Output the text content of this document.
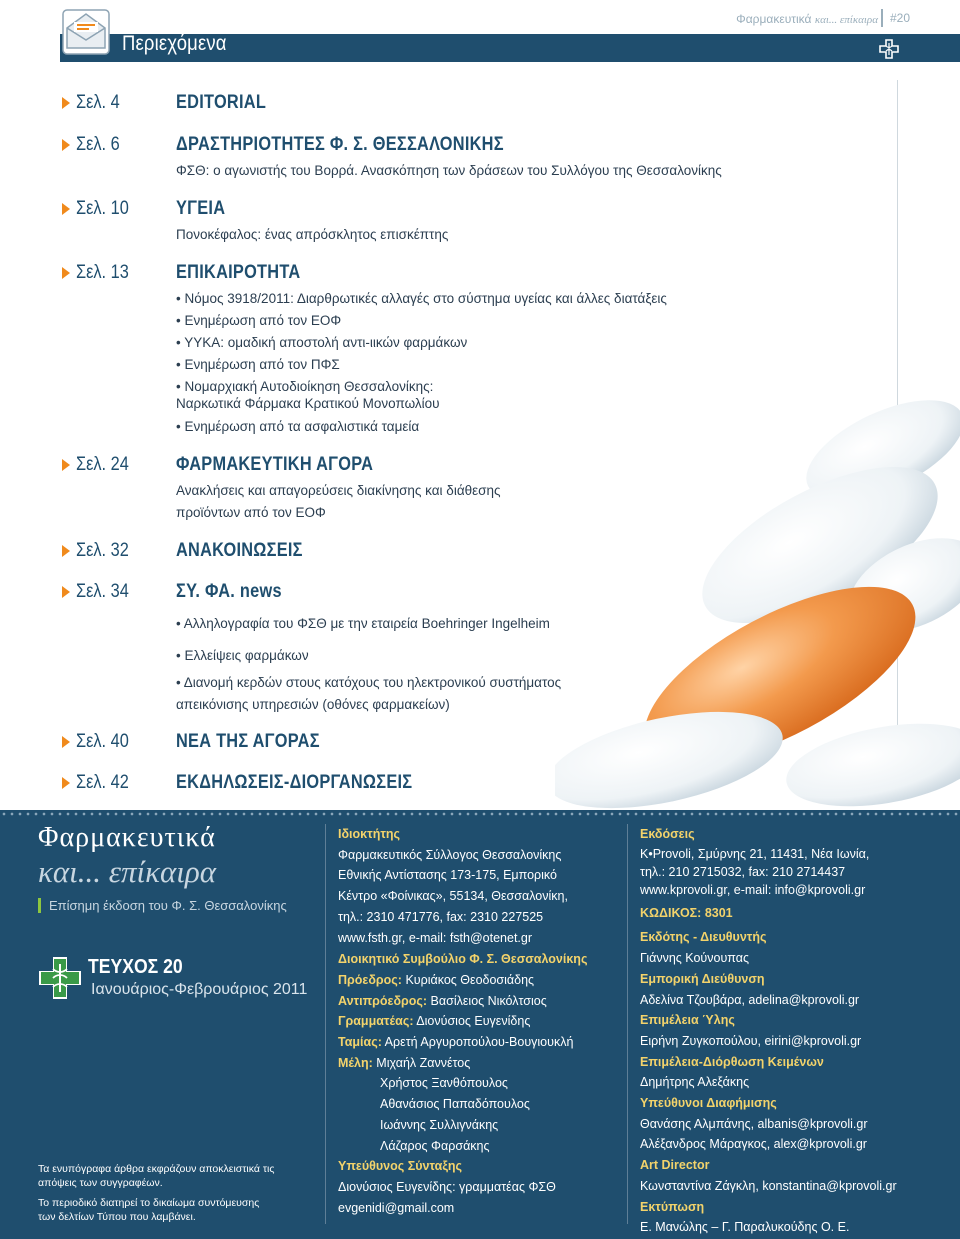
Περιεχόμενα
Φαρμακευτικά και... επίκαιρα #20
Σελ. 4	EDITORIAL
Σελ. 6	ΔΡΑΣΤΗΡΙΟΤΗΤΕΣ Φ. Σ. ΘΕΣΣΑΛΟΝΙΚΗΣ
ΦΣΘ: ο αγωνιστής του Βορρά. Ανασκόπηση των δράσεων του Συλλόγου της Θεσσαλονίκης
Σελ. 10 ΥΓΕΙΑ
Πονοκέφαλος: ένας απρόσκλητος επισκέπτης
Σελ. 13 ΕΠΙΚΑΙΡΟΤΗΤΑ
• Νόμος 3918/2011: Διαρθρωτικές αλλαγές στο σύστημα υγείας και άλλες διατάξεις
• Ενημέρωση από τον ΕΟΦ
• ΥΥΚΑ: ομαδική αποστολή αντι-ιικών φαρμάκων
• Ενημέρωση από τον ΠΦΣ
• Νομαρχιακή Αυτοδιοίκηση Θεσσαλονίκης:
Ναρκωτικά Φάρμακα Κρατικού Μονοπωλίου
• Ενημέρωση από τα ασφαλιστικά ταμεία
Σελ. 24 ΦΑΡΜΑΚΕΥΤΙΚΗ ΑΓΟΡΑ
Ανακλήσεις και απαγορεύσεις διακίνησης και διάθεσης
προϊόντων από τον ΕΟΦ
Σελ. 32 ΑΝΑΚΟΙΝΩΣΕΙΣ
Σελ. 34 ΣΥ. ΦΑ. news
• Αλληλογραφία του ΦΣΘ με την εταιρεία Boehringer Ingelheim
• Ελλείψεις φαρμάκων
• Διανομή κερδών στους κατόχους του ηλεκτρονικού συστήματος
απεικόνισης υπηρεσιών (οθόνες φαρμακείων)
Σελ. 40 ΝΕΑ ΤΗΣ ΑΓΟΡΑΣ
Σελ. 42 ΕΚΔΗΛΩΣΕΙΣ-ΔΙΟΡΓΑΝΩΣΕΙΣ
Φαρμακευτικά
και... επίκαιρα
Επίσημη έκδοση του Φ. Σ. Θεσσαλονίκης
ΤΕΥΧΟΣ 20
Ιανουάριος-Φεβρουάριος 2011
Τα ενυπόγραφα άρθρα εκφράζουν αποκλειστικά τις απόψεις των συγγραφέων.
Το περιοδικό διατηρεί το δικαίωμα συντόμευσης των δελτίων Τύπου που λαμβάνει.
Ιδιοκτήτης
Φαρμακευτικός Σύλλογος Θεσσαλονίκης
Εθνικής Αντίστασης 173-175, Εμπορικό
Κέντρο «Φοίνικας», 55134, Θεσσαλονίκη,
τηλ.: 2310 471776, fax: 2310 227525
www.fsth.gr, e-mail: fsth@otenet.gr
Διοικητικό Συμβούλιο Φ. Σ. Θεσσαλονίκης
Πρόεδρος: Κυριάκος Θεοδοσιάδης
Αντιπρόεδρος: Βασίλειος Νικόλτσιος
Γραμματέας: Διονύσιος Ευγενίδης
Ταμίας: Αρετή Αργυροπούλου-Βουγιουκλή
Μέλη: Μιχαήλ Ζαννέτος
Χρήστος Ξανθόπουλος
Αθανάσιος Παπαδόπουλος
Ιωάννης Συλλιγνάκης
Λάζαρος Φαρσάκης
Υπεύθυνος Σύνταξης
Διονύσιος Ευγενίδης: γραμματέας ΦΣΘ
evgenidi@gmail.com
Εκδόσεις
K•Provoli, Σμύρνης 21, 11431, Νέα Ιωνία,
τηλ.: 210 2715032, fax: 210 2714437
www.kprovoli.gr, e-mail: info@kprovoli.gr
ΚΩΔΙΚΟΣ: 8301
Εκδότης - Διευθυντής
Γιάννης Κούνουπας
Εμπορική Διεύθυνση
Αδελίνα Τζουβάρα, adelina@kprovoli.gr
Επιμέλεια Ύλης
Ειρήνη Ζυγκοπούλου, eirini@kprovoli.gr
Επιμέλεια-Διόρθωση Κειμένων
Δημήτρης Αλεξάκης
Υπεύθυνοι Διαφήμισης
Θανάσης Αλμπάνης, albanis@kprovoli.gr
Αλέξανδρος Μάραγκος, alex@kprovoli.gr
Art Director
Κωνσταντίνα Ζάγκλη, konstantina@kprovoli.gr
Εκτύπωση
Ε. Μανώλης – Γ. Παραλυκούδης Ο. Ε.
